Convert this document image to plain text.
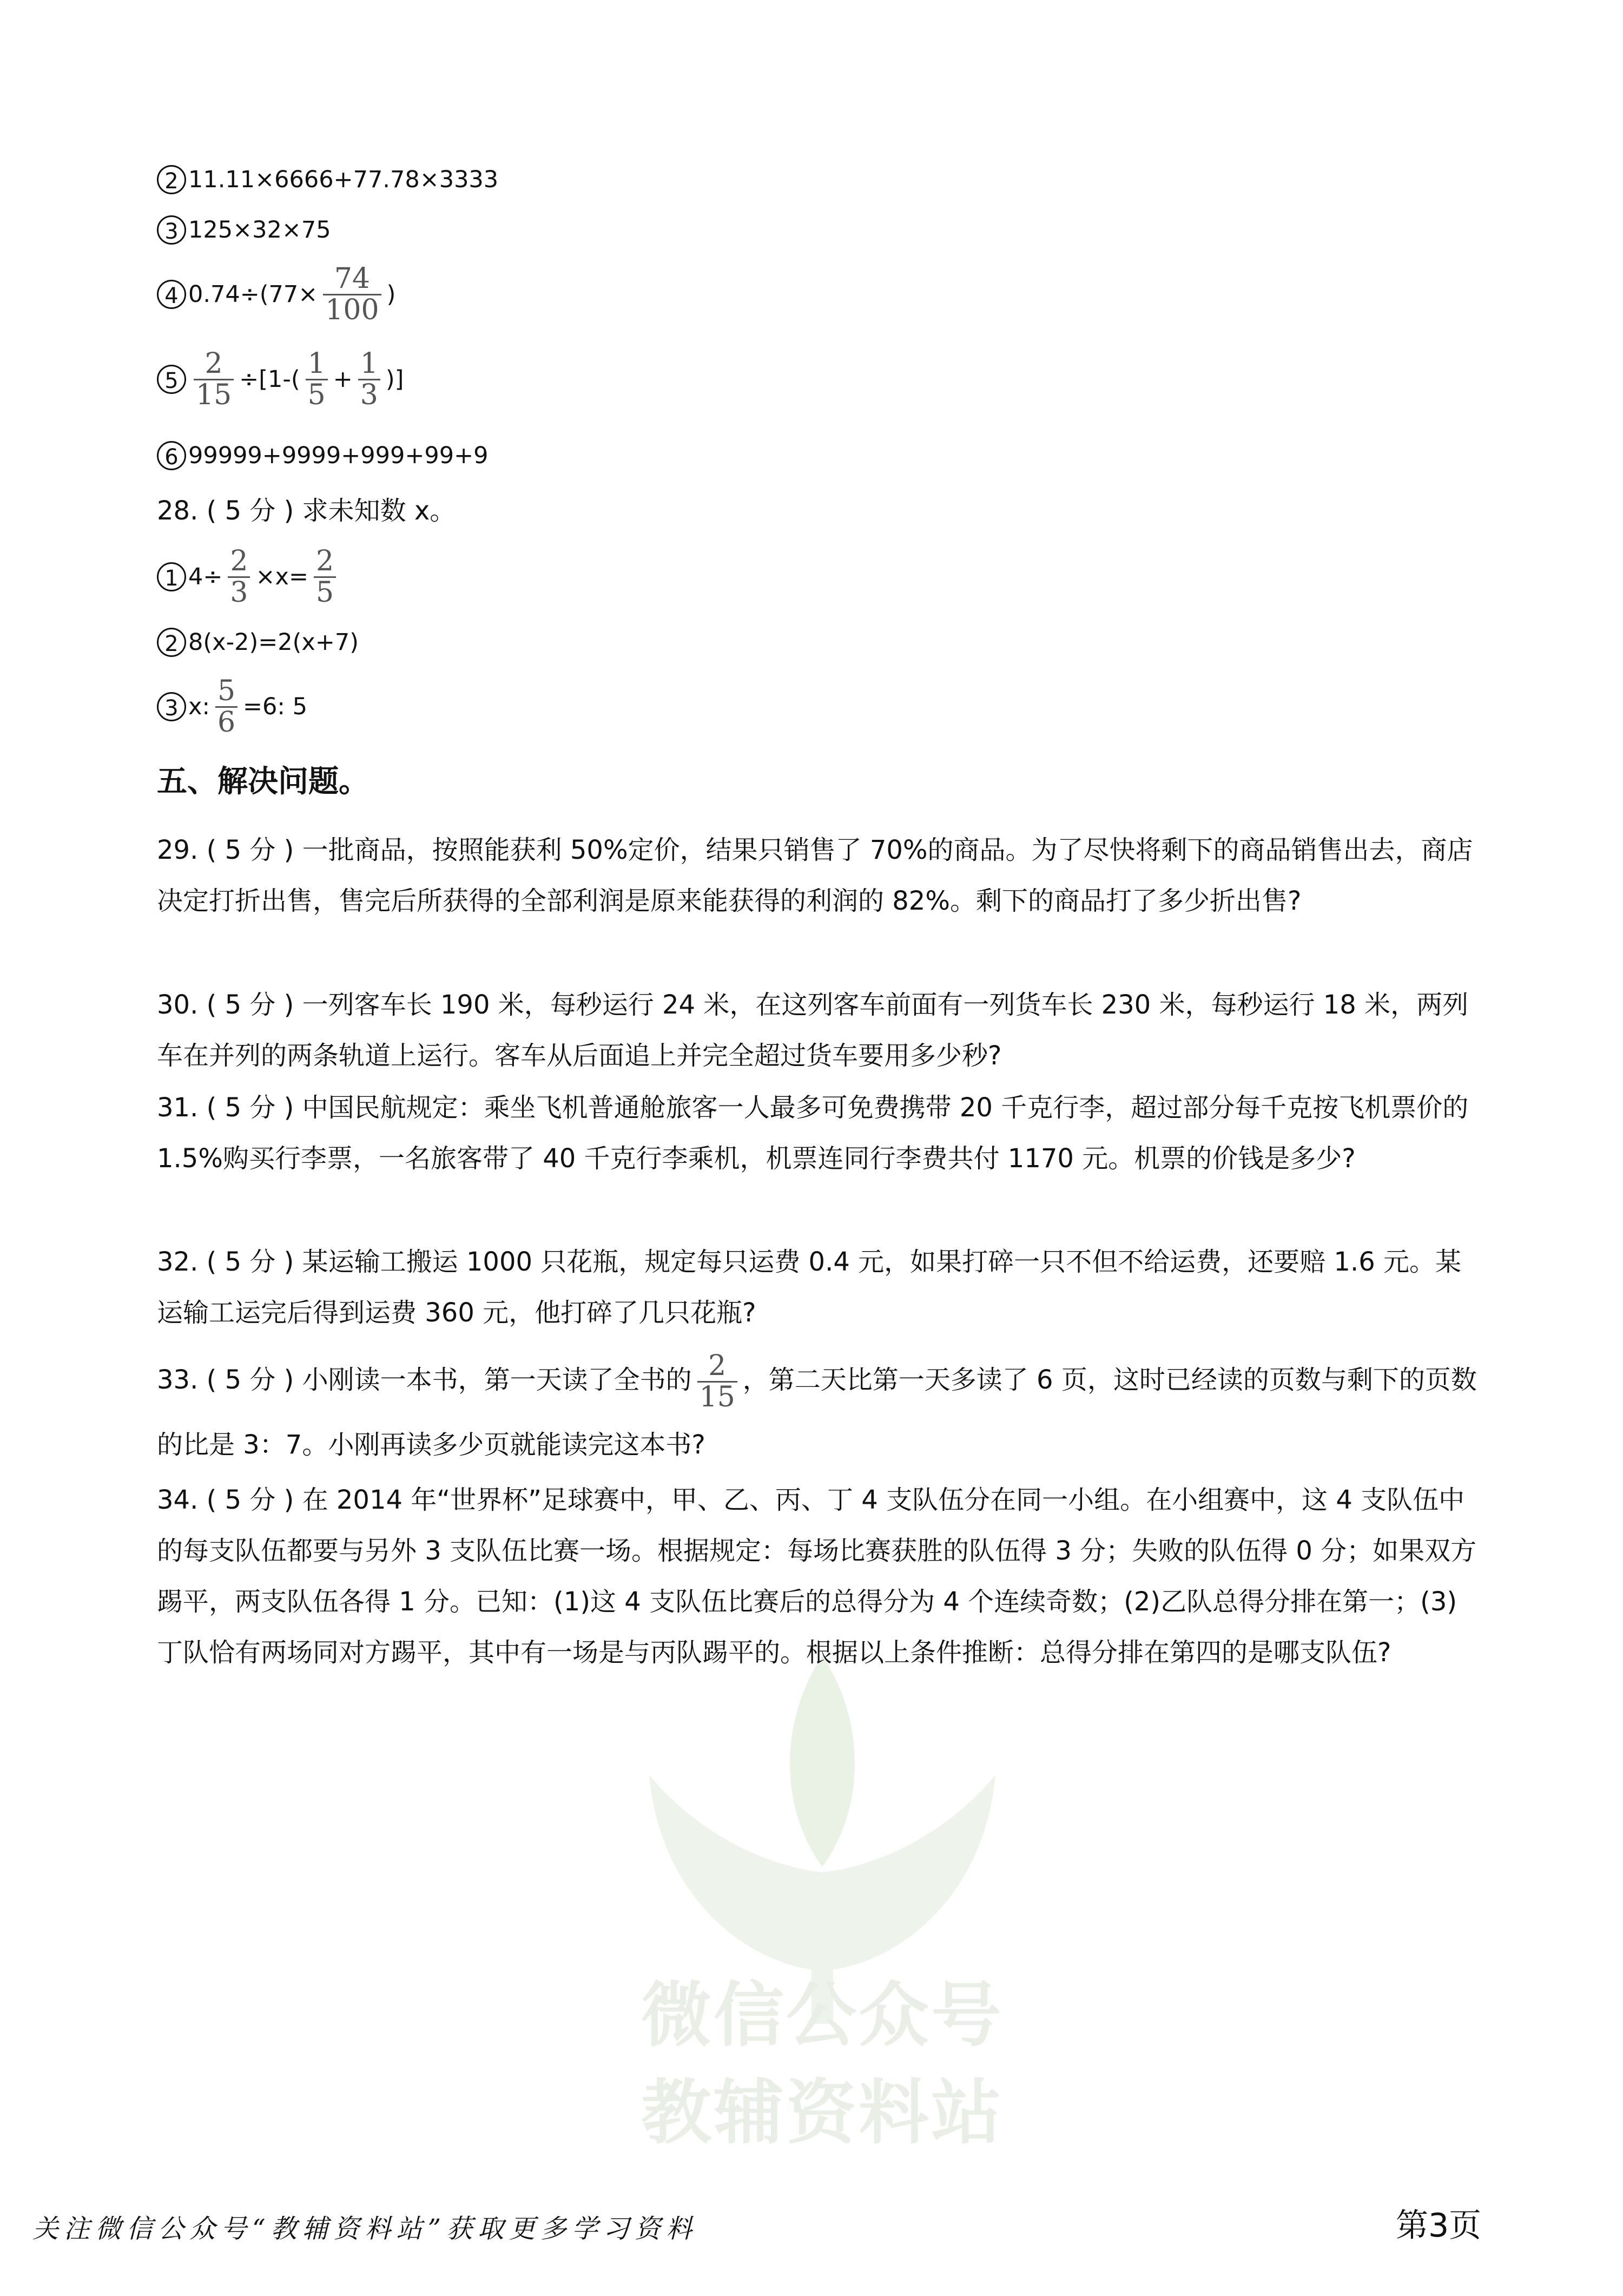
微信公众号
教辅资料站
2 11.11×6666+77.78×3333
3 125×32×75
4 $0.74\div(77\times \frac{74}{100}$ )
$5 \frac{2}{15} \div[1-( \frac{1}{5} + \frac{1}{3}$ )]
6 99999+9999+999+99+9
28. ( 5 分 ) 求未知数 x。
1 $4\div \frac{2}{3} \times x= \frac{2}{5}$
2 8(x-2)=2(x+7)
3 x: $\frac{5}{6} =6$: 5
五、解决问题。
29. ( 5 分 ) 一批商品，按照能获利 50%定价，结果只销售了 70%的商品。为了尽快将剩下的商品销售出去，商店决定打折出售，售完后所获得的全部利润是原来能获得的利润的 82%。剩下的商品打了多少折出售?
30. ( 5 分 ) 一列客车长 190 米，每秒运行 24 米，在这列客车前面有一列货车长 230 米，每秒运行 18 米，两列车在并列的两条轨道上运行。客车从后面追上并完全超过货车要用多少秒?
31. ( 5 分 ) 中国民航规定：乘坐飞机普通舱旅客一人最多可免费携带 20 千克行李，超过部分每千克按飞机票价的 1.5%购买行李票，一名旅客带了 40 千克行李乘机，机票连同行李费共付 1170 元。机票的价钱是多少?
32. ( 5 分 ) 某运输工搬运 1000 只花瓶，规定每只运费 0.4 元，如果打碎一只不但不给运费，还要赔 1.6 元。某运输工运完后得到运费 360 元，他打碎了几只花瓶?
33. ( 5 分 ) 小刚读一本书，第一天读了全书的 $\frac{2}{15}$ ，第二天比第一天多读了 6 页，这时已经读的页数与剩下的页数的比是 3：7。小刚再读多少页就能读完这本书?
34. ( 5 分 ) 在 2014 年“世界杯”足球赛中，甲、乙、丙、丁 4 支队伍分在同一小组。在小组赛中，这 4 支队伍中的每支队伍都要与另外 3 支队伍比赛一场。根据规定：每场比赛获胜的队伍得 3 分；失败的队伍得 0 分；如果双方踢平，两支队伍各得 1 分。已知：(1)这 4 支队伍比赛后的总得分为 4 个连续奇数；(2)乙队总得分排在第一；(3)丁队恰有两场同对方踢平，其中有一场是与丙队踢平的。根据以上条件推断：总得分排在第四的是哪支队伍?
关注微信公众号“教辅资料站”获取更多学习资料	第3页
